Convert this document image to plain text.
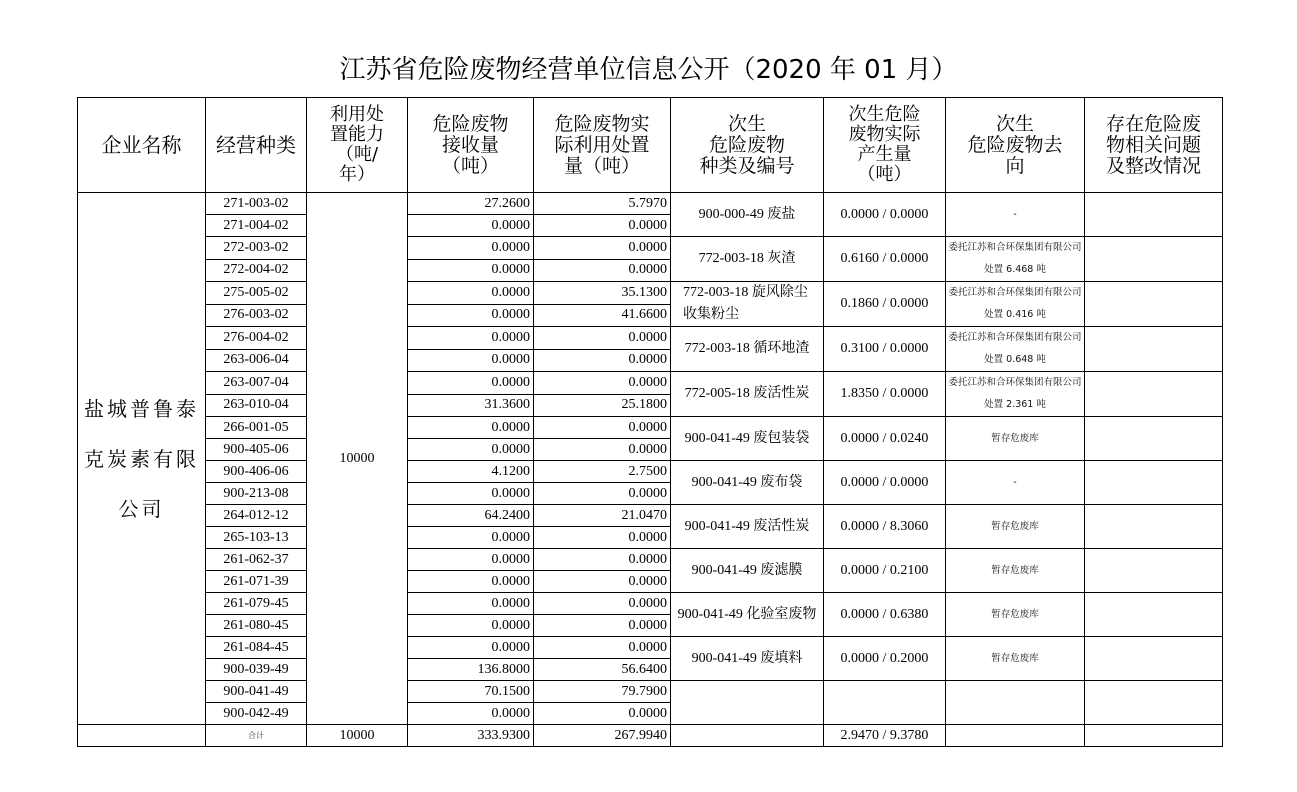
江苏省危险废物经营单位信息公开（2020 年 01 月）
企业名称	经营种类	利用处
置能力
（吨/
年）	危险废物
接收量
（吨）	危险废物实
际利用处置
量（吨）	次生
危险废物
种类及编号	次生危险
废物实际
产生量
（吨）	次生
危险废物去
向	存在危险废
物相关问题
及整改情况
盐城普鲁泰克炭素有限公司	271-003-02	10000	27.2600	5.7970	900-000-49 废盐	0.0000 / 0.0000	-	
	271-004-02		0.0000	0.0000				
	272-003-02		0.0000	0.0000	772-003-18 灰渣	0.6160 / 0.0000	委托江苏和合环保集团有限公司处置 6.468 吨	
	272-004-02		0.0000	0.0000				
	275-005-02		0.0000	35.1300	772-003-18 旋风除尘收集粉尘	0.1860 / 0.0000	委托江苏和合环保集团有限公司处置 0.416 吨	
	276-003-02		0.0000	41.6600				
	276-004-02		0.0000	0.0000	772-003-18 循环地渣	0.3100 / 0.0000	委托江苏和合环保集团有限公司处置 0.648 吨	
	263-006-04		0.0000	0.0000				
	263-007-04		0.0000	0.0000	772-005-18 废活性炭	1.8350 / 0.0000	委托江苏和合环保集团有限公司处置 2.361 吨	
	263-010-04		31.3600	25.1800				
	266-001-05		0.0000	0.0000	900-041-49 废包装袋	0.0000 / 0.0240	暂存危废库	
	900-405-06		0.0000	0.0000				
	900-406-06		4.1200	2.7500	900-041-49 废布袋	0.0000 / 0.0000	-	
	900-213-08		0.0000	0.0000				
	264-012-12		64.2400	21.0470	900-041-49 废活性炭	0.0000 / 8.3060	暂存危废库	
	265-103-13		0.0000	0.0000				
	261-062-37		0.0000	0.0000	900-041-49 废滤膜	0.0000 / 0.2100	暂存危废库	
	261-071-39		0.0000	0.0000				
	261-079-45		0.0000	0.0000	900-041-49 化验室废物	0.0000 / 0.6380	暂存危废库	
	261-080-45		0.0000	0.0000				
	261-084-45		0.0000	0.0000	900-041-49 废填料	0.0000 / 0.2000	暂存危废库	
	900-039-49		136.8000	56.6400				
	900-041-49		70.1500	79.7900				
	900-042-49		0.0000	0.0000				
	合计	10000	333.9300	267.9940		2.9470 / 9.3780		
